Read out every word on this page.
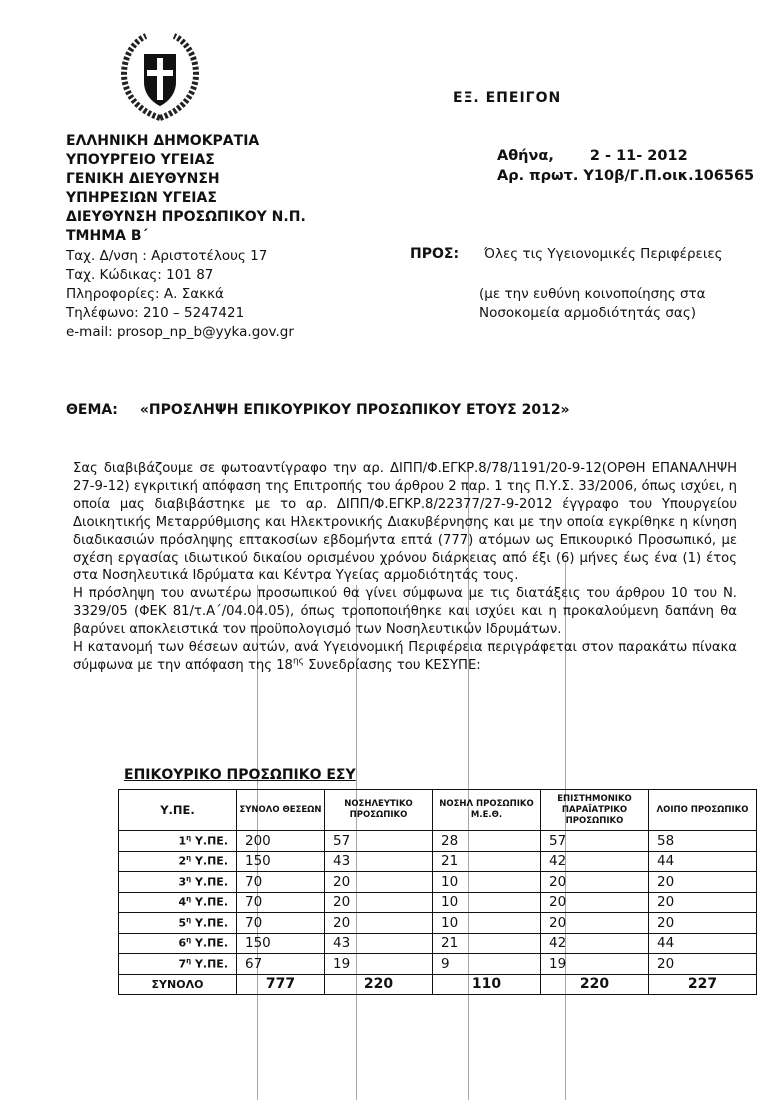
ΕΞ. ΕΠΕΙΓΟΝ
ΕΛΛΗΝΙΚΗ ΔΗΜΟΚΡΑΤΙΑ
ΥΠΟΥΡΓΕΙΟ ΥΓΕΙΑΣ
ΓΕΝΙΚΗ ΔΙΕΥΘΥΝΣΗ
ΥΠΗΡΕΣΙΩΝ ΥΓΕΙΑΣ
ΔΙΕΥΘΥΝΣΗ ΠΡΟΣΩΠΙΚΟΥ Ν.Π.
ΤΜΗΜΑ Β΄
Ταχ. Δ/νση : Αριστοτέλους 17
Ταχ. Κώδικας: 101 87
Πληροφορίες: Α. Σακκά
Τηλέφωνο: 210 – 5247421
e-mail: prosop_np_b@yyka.gov.gr
Αθήνα, 2 - 11- 2012
Αρ. πρωτ. Υ10β/Γ.Π.οικ.106565
ΠΡΟΣ: Όλες τις Υγειονομικές Περιφέρειες
(με την ευθύνη κοινοποίησης στα
Νοσοκομεία αρμοδιότητάς σας)
ΘΕΜΑ: «ΠΡΟΣΛΗΨΗ ΕΠΙΚΟΥΡΙΚΟΥ ΠΡΟΣΩΠΙΚΟΥ ΕΤΟΥΣ 2012»

Σας διαβιβάζουμε σε φωτοαντίγραφο την αρ. ΔΙΠΠ/Φ.ΕΓΚΡ.8/78/1191/20-9-12(ΟΡΘΗ ΕΠΑΝΑΛΗΨΗ 27-9-12) εγκριτική απόφαση της Επιτροπής του άρθρου 2 παρ. 1 της Π.Υ.Σ. 33/2006, όπως ισχύει, η οποία μας διαβιβάστηκε με το αρ. ΔΙΠΠ/Φ.ΕΓΚΡ.8/22377/27-9-2012 έγγραφο του Υπουργείου Διοικητικής Μεταρρύθμισης και Ηλεκτρονικής Διακυβέρνησης και με την οποία εγκρίθηκε η κίνηση διαδικασιών πρόσληψης επτακοσίων εβδομήντα επτά (777) ατόμων ως Επικουρικό Προσωπικό, με σχέση εργασίας ιδιωτικού δικαίου ορισμένου χρόνου διάρκειας από έξι (6) μήνες έως ένα (1) έτος στα Νοσηλευτικά Ιδρύματα και Κέντρα Υγείας αρμοδιότητάς τους.

Η πρόσληψη του ανωτέρω προσωπικού θα γίνει σύμφωνα με τις διατάξεις του άρθρου 10 του Ν. 3329/05 (ΦΕΚ 81/τ.Α΄/04.04.05), όπως τροποποιήθηκε και ισχύει και η προκαλούμενη δαπάνη θα βαρύνει αποκλειστικά τον προϋπολογισμό των Νοσηλευτικών Ιδρυμάτων.

Η κατανομή των θέσεων αυτών, ανά Υγειονομική Περιφέρεια περιγράφεται στον παρακάτω πίνακα σύμφωνα με την απόφαση της $18^{\eta\varsigma}$ Συνεδρίασης του ΚΕΣΥΠΕ:

ΕΠΙΚΟΥΡΙΚΟ ΠΡΟΣΩΠΙΚΟ ΕΣΥ
Υ.ΠΕ.	ΣΥΝΟΛΟ ΘΕΣΕΩΝ	ΝΟΣΗΛΕΥΤΙΚΟ ΠΡΟΣΩΠΙΚΟ	ΝΟΣΗΛ ΠΡΟΣΩΠΙΚΟ Μ.Ε.Θ.	ΕΠΙΣΤΗΜΟΝΙΚΟ ΠΑΡΑΪΑΤΡΙΚΟ ΠΡΟΣΩΠΙΚΟ	ΛΟΙΠΟ ΠΡΟΣΩΠΙΚΟ
$1^\eta$ Υ.ΠΕ.	200	57	28	57	58
$2^\eta$ Υ.ΠΕ.	150	43	21	42	44
$3^\eta$ Υ.ΠΕ.	70	20	10	20	20
$4^\eta$ Υ.ΠΕ.	70	20	10	20	20
$5^\eta$ Υ.ΠΕ.	70	20	10	20	20
$6^\eta$ Υ.ΠΕ.	150	43	21	42	44
$7^\eta$ Υ.ΠΕ.	67	19	9	19	20
ΣΥΝΟΛΟ	777	220	110	220	227
